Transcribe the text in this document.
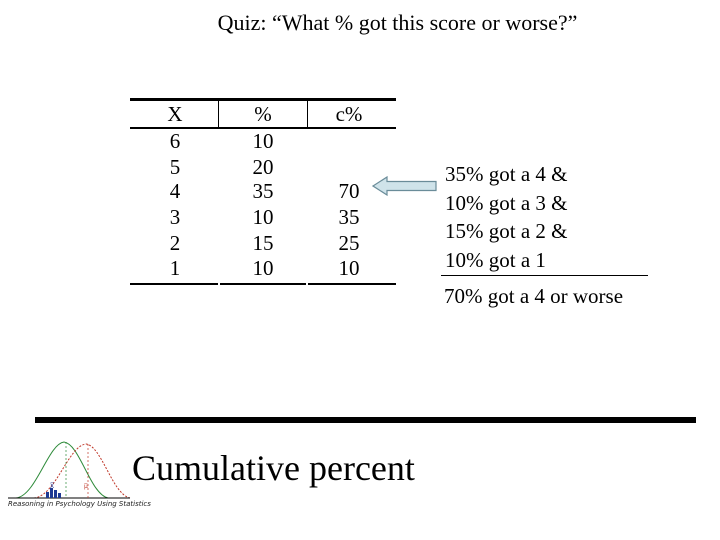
Quiz: “What % got this score or worse?”
X	%	c%
6	10
5	20
4	35	70
3	10	35
2	15	25
1	10	10
35% got a 4 &
10% got a 3 &
15% got a 2 &
10% got a 1
70% got a 4 or worse
X̅	μ̅
Reasoning in Psychology Using Statistics
Cumulative percent
